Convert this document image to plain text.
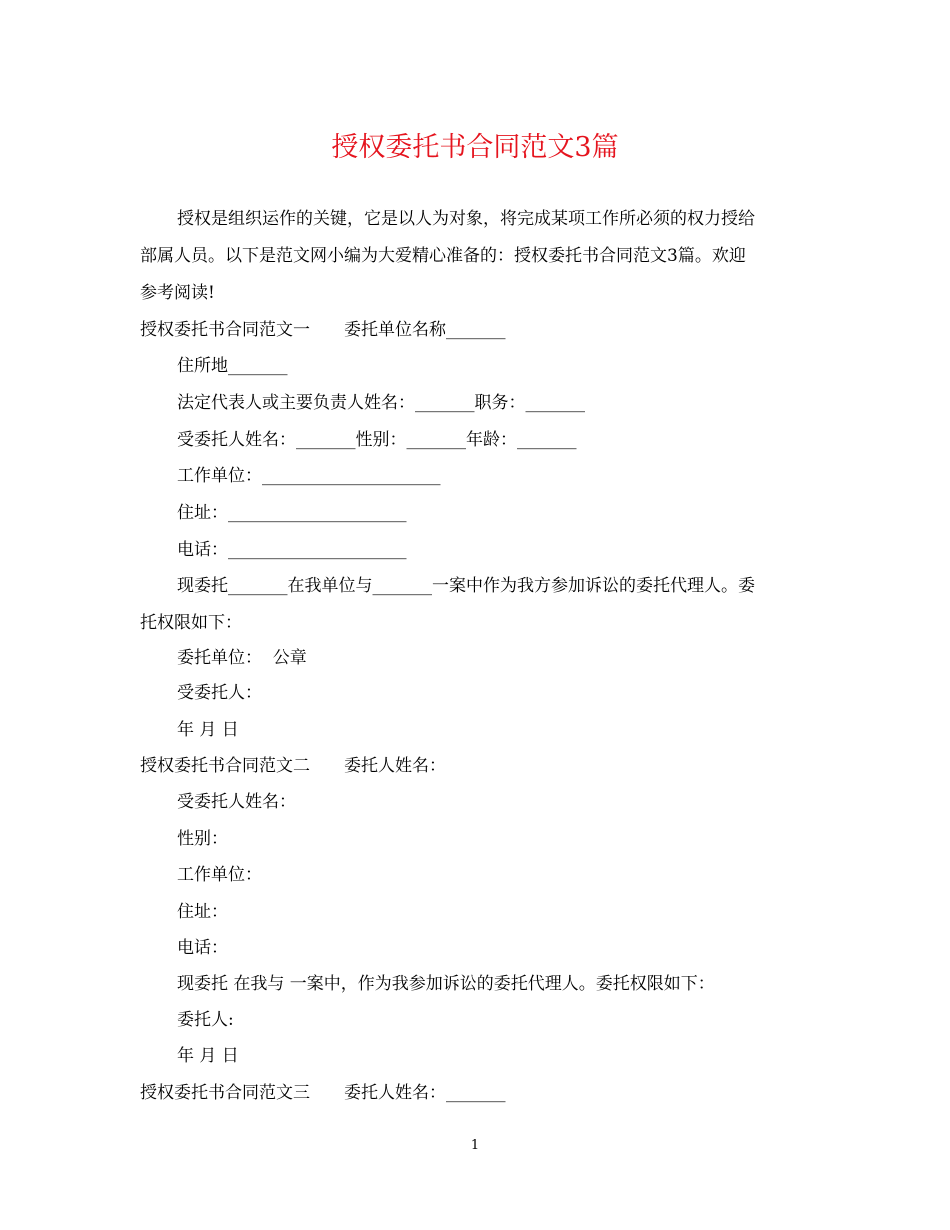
授权委托书合同范文3篇
授权是组织运作的关键，它是以人为对象，将完成某项工作所必须的权力授给
部属人员。以下是范文网小编为大爱精心准备的：授权委托书合同范文3篇。欢迎
参考阅读!
授权委托书合同范文一　　委托单位名称_______
住所地_______
法定代表人或主要负责人姓名：_______职务：_______
受委托人姓名：_______性别：_______年龄：_______
工作单位：_____________________
住址：_____________________
电话：_____________________
现委托_______在我单位与_______一案中作为我方参加诉讼的委托代理人。委
托权限如下：
委托单位：  公章
受委托人：
年 月 日
授权委托书合同范文二　　委托人姓名：
受委托人姓名：
性别：
工作单位：
住址：
电话：
现委托 在我与 一案中，作为我参加诉讼的委托代理人。委托权限如下：
委托人:
年 月 日
授权委托书合同范文三　　委托人姓名：_______
1
